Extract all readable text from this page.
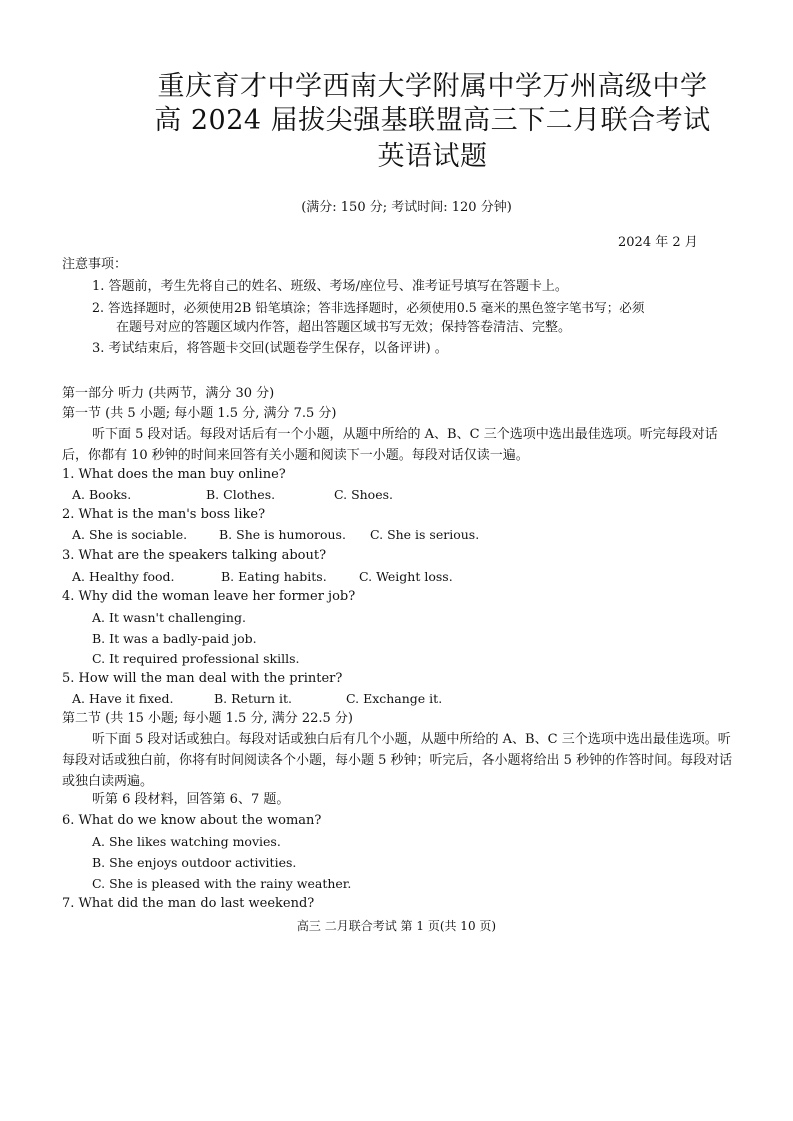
重庆育才中学西南大学附属中学万州高级中学
高 2024 届拔尖强基联盟高三下二月联合考试
英语试题
(满分: 150 分; 考试时间: 120 分钟)
2024 年 2 月
注意事项：
1. 答题前，考生先将自己的姓名、班级、考场/座位号、准考证号填写在答题卡上。
2. 答选择题时，必须使用2B 铅笔填涂；答非选择题时，必须使用0.5 毫米的黑色签字笔书写；必须
在题号对应的答题区域内作答，超出答题区域书写无效；保持答卷清洁、完整。
3. 考试结束后，将答题卡交回(试题卷学生保存，以备评讲) 。
第一部分 听力 (共两节，满分 30 分)
第一节 (共 5 小题; 每小题 1.5 分, 满分 7.5 分)
听下面 5 段对话。每段对话后有一个小题，从题中所给的 A、B、C 三个选项中选出最佳选项。听完每段对话后，你都有 10 秒钟的时间来回答有关小题和阅读下一小题。每段对话仅读一遍。
1. What does the man buy online?
A. Books.	B. Clothes.	C. Shoes.
2. What is the man's boss like?
A. She is sociable.	B. She is humorous. C. She is serious.
3. What are the speakers talking about?
A. Healthy food.	B. Eating habits.	C. Weight loss.
4. Why did the woman leave her former job?
A. It wasn't challenging.
B. It was a badly-paid job.
C. It required professional skills.
5. How will the man deal with the printer?
A. Have it fixed.	B. Return it.	C. Exchange it.
第二节 (共 15 小题; 每小题 1.5 分, 满分 22.5 分)
听下面 5 段对话或独白。每段对话或独白后有几个小题，从题中所给的 A、B、C 三个选项中选出最佳选项。听每段对话或独白前，你将有时间阅读各个小题，每小题 5 秒钟；听完后，各小题将给出 5 秒钟的作答时间。每段对话或独白读两遍。
听第 6 段材料，回答第 6、7 题。
6. What do we know about the woman?
A. She likes watching movies.
B. She enjoys outdoor activities.
C. She is pleased with the rainy weather.
7. What did the man do last weekend?
高三 二月联合考试 第 1 页(共 10 页)
